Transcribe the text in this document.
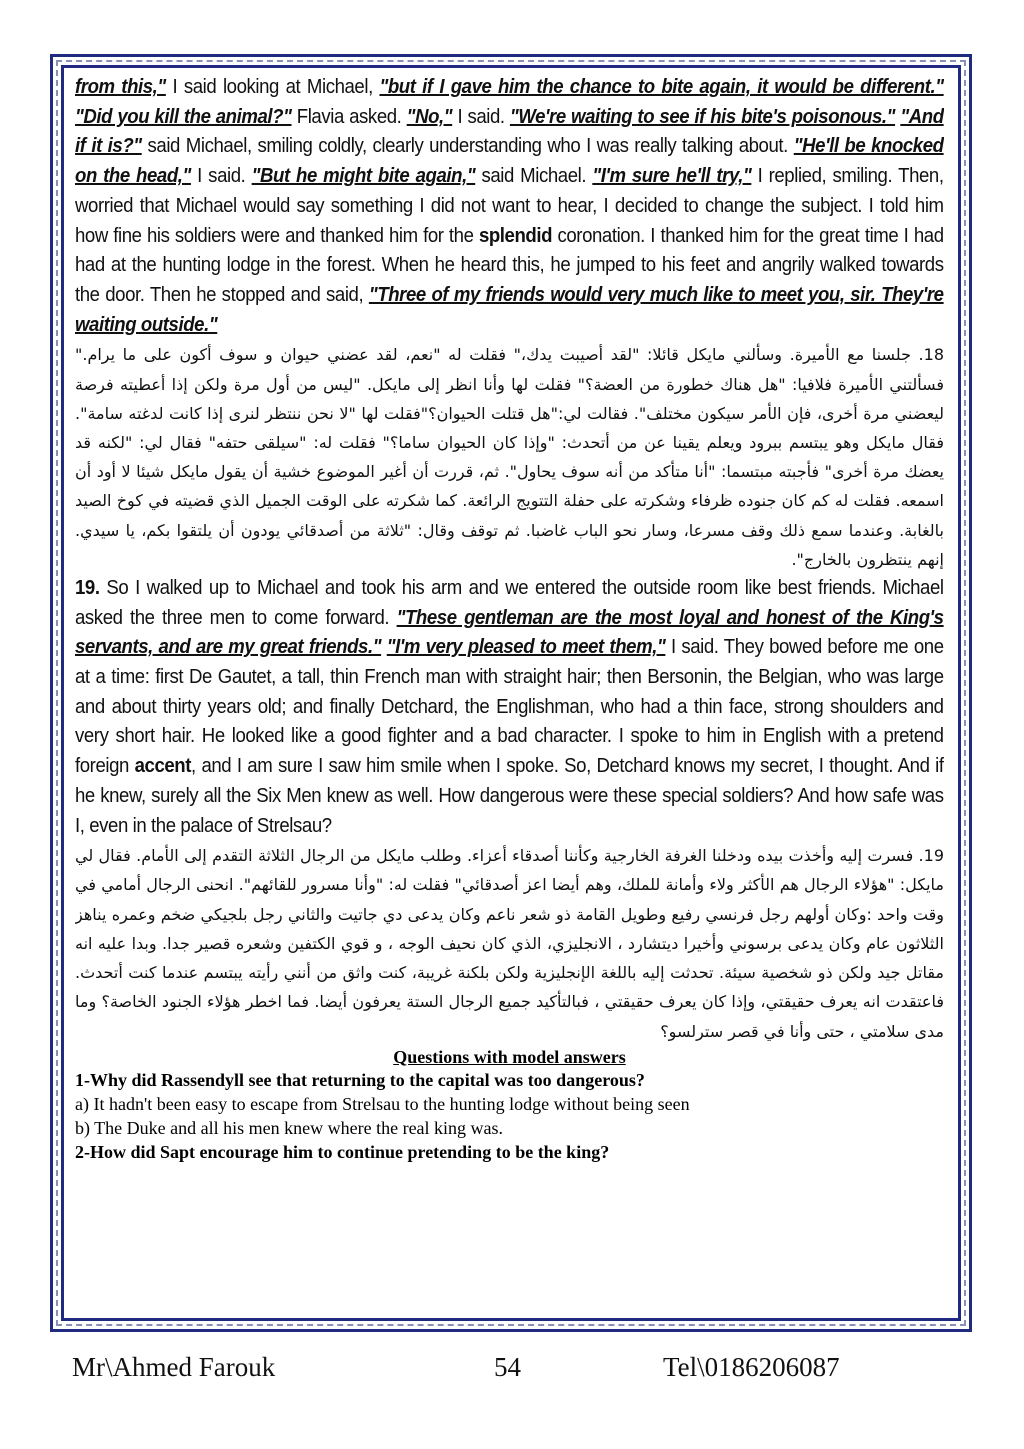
from this," I said looking at Michael, "but if I gave him the chance to bite again, it would be different." "Did you kill the animal?" Flavia asked. "No," I said. "We're waiting to see if his bite's poisonous." "And if it is?" said Michael, smiling coldly, clearly understanding who I was really talking about. "He'll be knocked on the head," I said. "But he might bite again," said Michael. "I'm sure he'll try," I replied, smiling. Then, worried that Michael would say something I did not want to hear, I decided to change the subject. I told him how fine his soldiers were and thanked him for the splendid coronation. I thanked him for the great time I had had at the hunting lodge in the forest. When he heard this, he jumped to his feet and angrily walked towards the door. Then he stopped and said, "Three of my friends would very much like to meet you, sir. They're waiting outside."

18. جلسنا مع الأميرة. وسألني مايكل قائلا: "لقد أصيبت يدك،" فقلت له "نعم، لقد عضني حيوان و سوف أكون على ما يرام." فسألتني الأميرة فلافيا: "هل هناك خطورة من العضة؟" فقلت لها وأنا انظر إلى مايكل. "ليس من أول مرة ولكن إذا أعطيته فرصة ليعضني مرة أخرى، فإن الأمر سيكون مختلف". فقالت لي:"هل قتلت الحيوان؟"فقلت لها "لا نحن ننتظر لنرى إذا كانت لدغته سامة". فقال مايكل وهو يبتسم ببرود ويعلم يقينا عن من أتحدث: "وإذا كان الحيوان ساما؟" فقلت له: "سيلقى حتفه" فقال لي: "لكنه قد يعضك مرة أخرى" فأجبته مبتسما: "أنا متأكد من أنه سوف يحاول". ثم، قررت أن أغير الموضوع خشية أن يقول مايكل شيئا لا أود أن اسمعه. فقلت له كم كان جنوده ظرفاء وشكرته على حفلة التتويج الرائعة. كما شكرته على الوقت الجميل الذي قضيته في كوخ الصيد بالغابة. وعندما سمع ذلك وقف مسرعا، وسار نحو الباب غاضبا. ثم توقف وقال: "ثلاثة من أصدقائي يودون أن يلتقوا بكم، يا سيدي. إنهم ينتظرون بالخارج".

19. So I walked up to Michael and took his arm and we entered the outside room like best friends. Michael asked the three men to come forward. "These gentleman are the most loyal and honest of the King's servants, and are my great friends." "I'm very pleased to meet them," I said. They bowed before me one at a time: first De Gautet, a tall, thin French man with straight hair; then Bersonin, the Belgian, who was large and about thirty years old; and finally Detchard, the Englishman, who had a thin face, strong shoulders and very short hair. He looked like a good fighter and a bad character. I spoke to him in English with a pretend foreign accent, and I am sure I saw him smile when I spoke. So, Detchard knows my secret, I thought. And if he knew, surely all the Six Men knew as well. How dangerous were these special soldiers? And how safe was I, even in the palace of Strelsau?

19. فسرت إليه وأخذت بيده ودخلنا الغرفة الخارجية وكأننا أصدقاء أعزاء. وطلب مايكل من الرجال الثلاثة التقدم إلى الأمام. فقال لي مايكل: "هؤلاء الرجال هم الأكثر ولاء وأمانة للملك، وهم أيضا اعز أصدقائي" فقلت له: "وأنا مسرور للقائهم". انحنى الرجال أمامي في وقت واحد :وكان أولهم رجل فرنسي رفيع وطويل القامة ذو شعر ناعم وكان يدعى دي جاتيت والثاني رجل بلجيكي ضخم وعمره يناهز الثلاثون عام وكان يدعى برسوني وأخيرا ديتشارد ، الانجليزي، الذي كان نحيف الوجه ، و قوي الكتفين وشعره قصير جدا. وبدا عليه انه مقاتل جيد ولكن ذو شخصية سيئة. تحدثت إليه باللغة الإنجليزية ولكن بلكنة غريبة، كنت واثق من أنني رأيته يبتسم عندما كنت أتحدث. فاعتقدت انه يعرف حقيقتي، وإذا كان يعرف حقيقتي ، فبالتأكيد جميع الرجال الستة يعرفون أيضا. فما اخطر هؤلاء الجنود الخاصة؟ وما مدى سلامتي ، حتى وأنا في قصر سترلسو؟

Questions with model answers

1-Why did Rassendyll see that returning to the capital was too dangerous?

a) It hadn't been easy to escape from Strelsau to the hunting lodge without being seen

b) The Duke and all his men knew where the real king was.

2-How did Sapt encourage him to continue pretending to be the king?

Mr\Ahmed Farouk	54	Tel\0186206087
